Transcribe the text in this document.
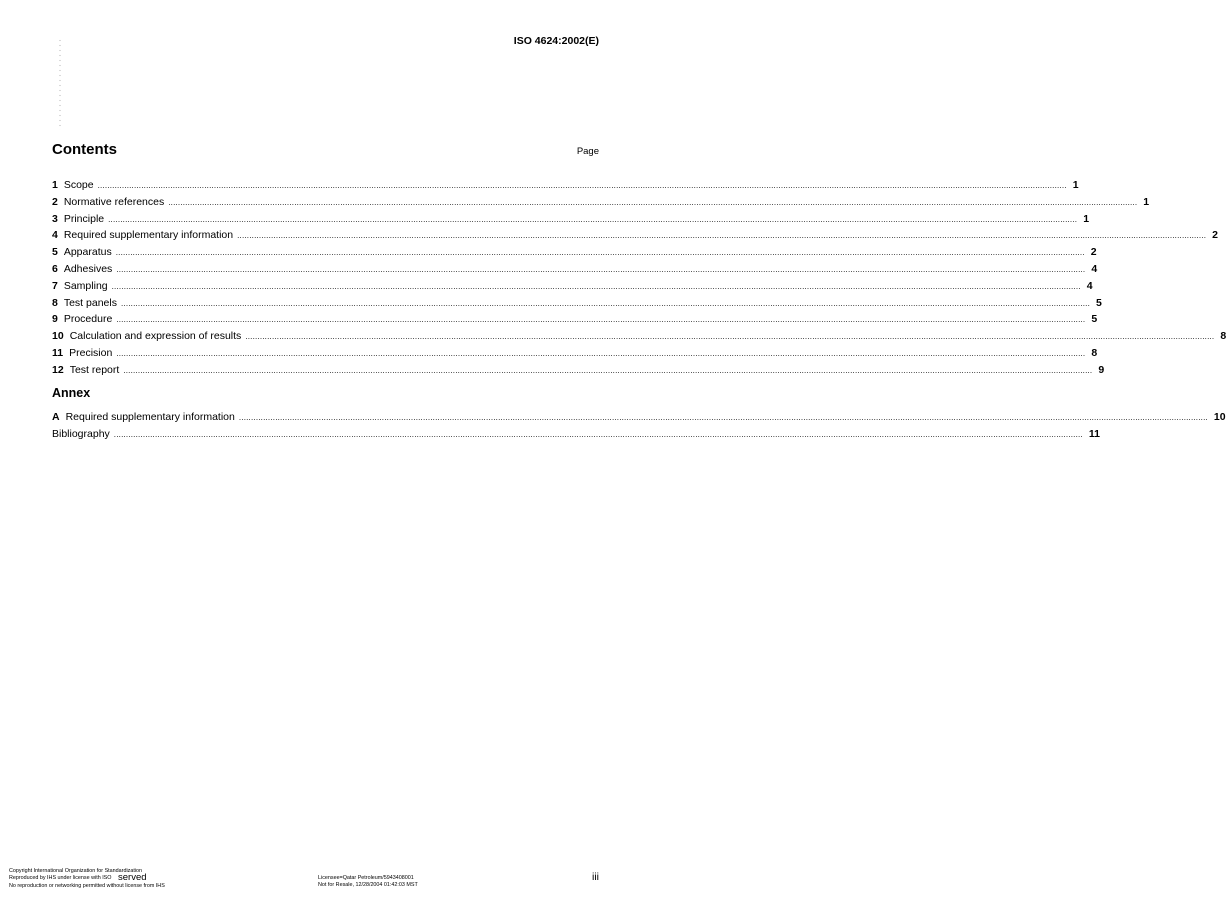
ISO 4624:2002(E)
Contents	Page
1 Scope ................................................................................................................................................................................................................................................................................................................................................................................................................ 1
2 Normative references ................................................................................................................................................................................................................................................................................................................................................................................................................ 1
3 Principle ................................................................................................................................................................................................................................................................................................................................................................................................................ 1
4 Required supplementary information ................................................................................................................................................................................................................................................................................................................................................................................................................ 2
5 Apparatus ................................................................................................................................................................................................................................................................................................................................................................................................................ 2
6 Adhesives ................................................................................................................................................................................................................................................................................................................................................................................................................ 4
7 Sampling ................................................................................................................................................................................................................................................................................................................................................................................................................ 4
8 Test panels ................................................................................................................................................................................................................................................................................................................................................................................................................ 5
9 Procedure ................................................................................................................................................................................................................................................................................................................................................................................................................ 5
10 Calculation and expression of results ................................................................................................................................................................................................................................................................................................................................................................................................................ 8
11 Precision ................................................................................................................................................................................................................................................................................................................................................................................................................ 8
12 Test report ................................................................................................................................................................................................................................................................................................................................................................................................................ 9
Annex
A Required supplementary information ................................................................................................................................................................................................................................................................................................................................................................................................................ 10
Bibliography ................................................................................................................................................................................................................................................................................................................................................................................................................ 11
Copyright International Organization for Standardization
Reproduced by IHS under license with ISO
No reproduction or networking permitted without license from IHS
served	Licensee=Qatar Petroleum/5943408001
Not for Resale, 12/28/2004 01:42:03 MST
iii
